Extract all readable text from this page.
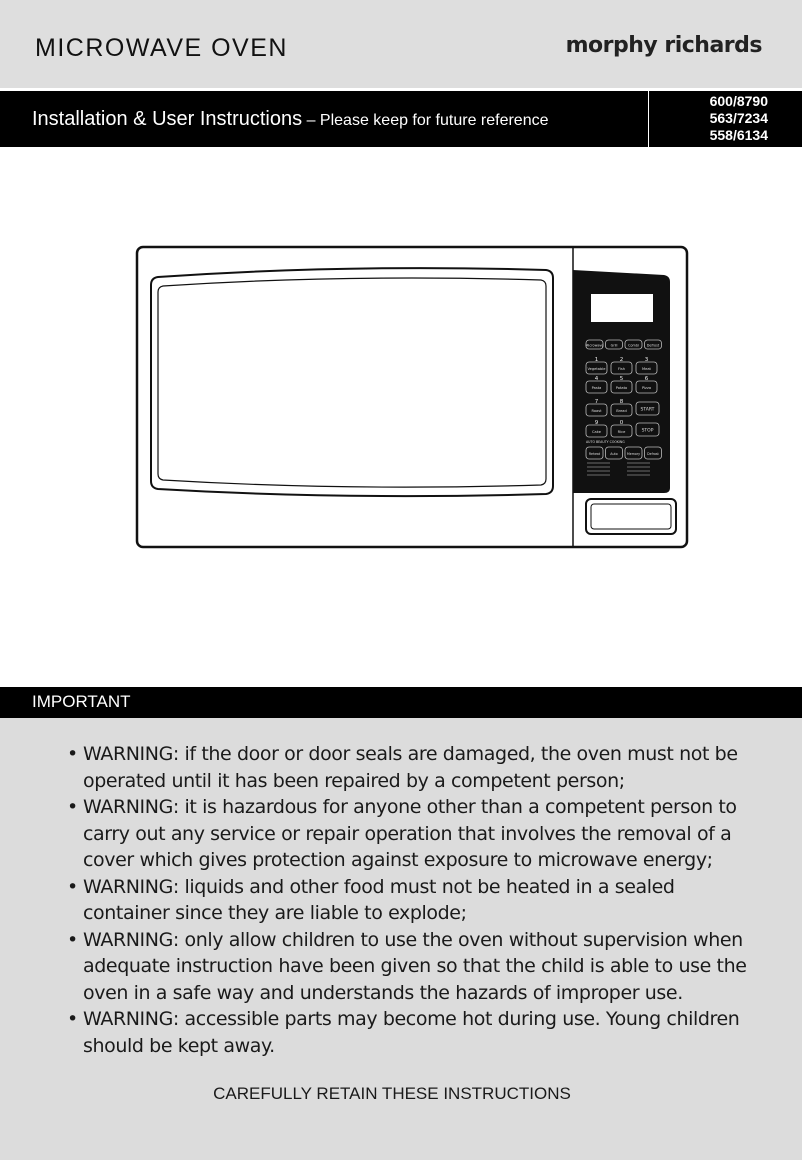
MICROWAVE OVEN	morphy richards
Installation & User Instructions – Please keep for future reference
600/8790
563/7234
558/6134
Microwave Grill	Combi Defrost
Vegetable
1
Fish
2
Meat
3
Pasta
4
Potato
5
Pizza
6
Roast
7
Bread
8
Cake
9
Rice
0
START
STOP
AUTO BEAUTY COOKING
Reheat	Auto	Memory Defrost
IMPORTANT
• WARNING: if the door or door seals are damaged, the oven must not be operated until it has been repaired by a competent person;
• WARNING: it is hazardous for anyone other than a competent person to carry out any service or repair operation that involves the removal of a cover which gives protection against exposure to microwave energy;
• WARNING: liquids and other food must not be heated in a sealed container since they are liable to explode;
• WARNING: only allow children to use the oven without supervision when adequate instruction have been given so that the child is able to use the oven in a safe way and understands the hazards of improper use.
• WARNING: accessible parts may become hot during use. Young children should be kept away.
CAREFULLY RETAIN THESE INSTRUCTIONS
